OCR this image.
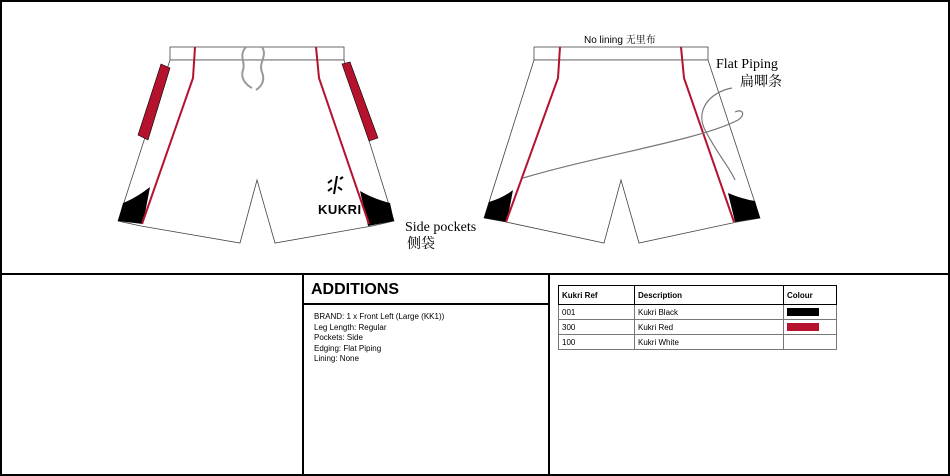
KUKRI
No lining 无里布
Flat Piping
扁唧条
Side pockets
侧袋
ADDITIONS
BRAND: 1 x Front Left (Large (KK1))
Leg Length: Regular
Pockets: Side
Edging: Flat Piping
Lining: None
Kukri Ref	Description	Colour
001	Kukri Black	

300	Kukri Red	

100	Kukri White	
